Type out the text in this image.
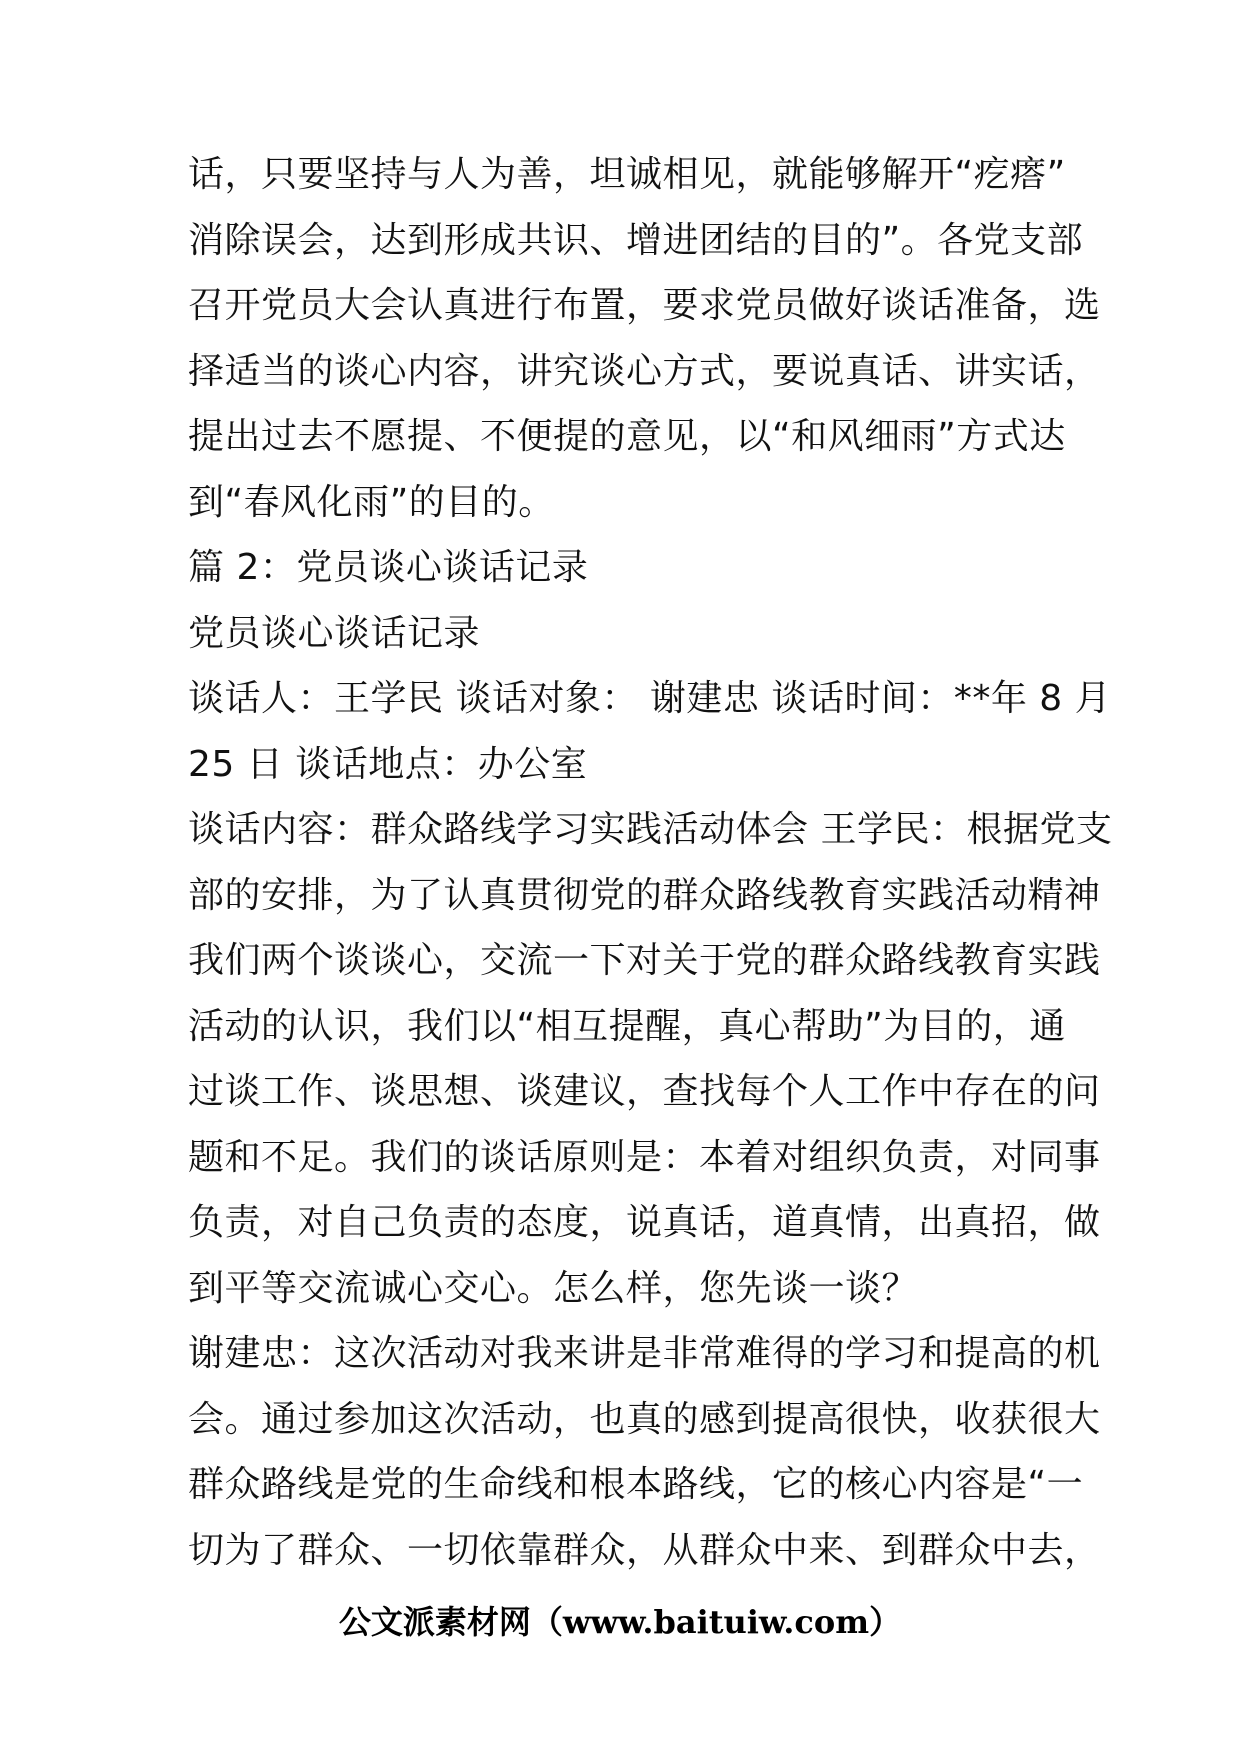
话，只要坚持与人为善，坦诚相见，就能够解开“疙瘩”
消除误会，达到形成共识、增进团结的目的”。各党支部
召开党员大会认真进行布置，要求党员做好谈话准备，选
择适当的谈心内容，讲究谈心方式，要说真话、讲实话，
提出过去不愿提、不便提的意见，以“和风细雨”方式达
到“春风化雨”的目的。
篇 2：党员谈心谈话记录
党员谈心谈话记录
谈话人：王学民 谈话对象： 谢建忠 谈话时间：**年 8 月
25 日 谈话地点：办公室
谈话内容：群众路线学习实践活动体会 王学民：根据党支
部的安排，为了认真贯彻党的群众路线教育实践活动精神
我们两个谈谈心，交流一下对关于党的群众路线教育实践
活动的认识，我们以“相互提醒，真心帮助”为目的，通
过谈工作、谈思想、谈建议，查找每个人工作中存在的问
题和不足。我们的谈话原则是：本着对组织负责，对同事
负责，对自己负责的态度，说真话，道真情，出真招，做
到平等交流诚心交心。怎么样，您先谈一谈？
谢建忠：这次活动对我来讲是非常难得的学习和提高的机
会。通过参加这次活动，也真的感到提高很快，收获很大
群众路线是党的生命线和根本路线，它的核心内容是“一
切为了群众、一切依靠群众，从群众中来、到群众中去，
公文派素材网（www.baituiw.com）
